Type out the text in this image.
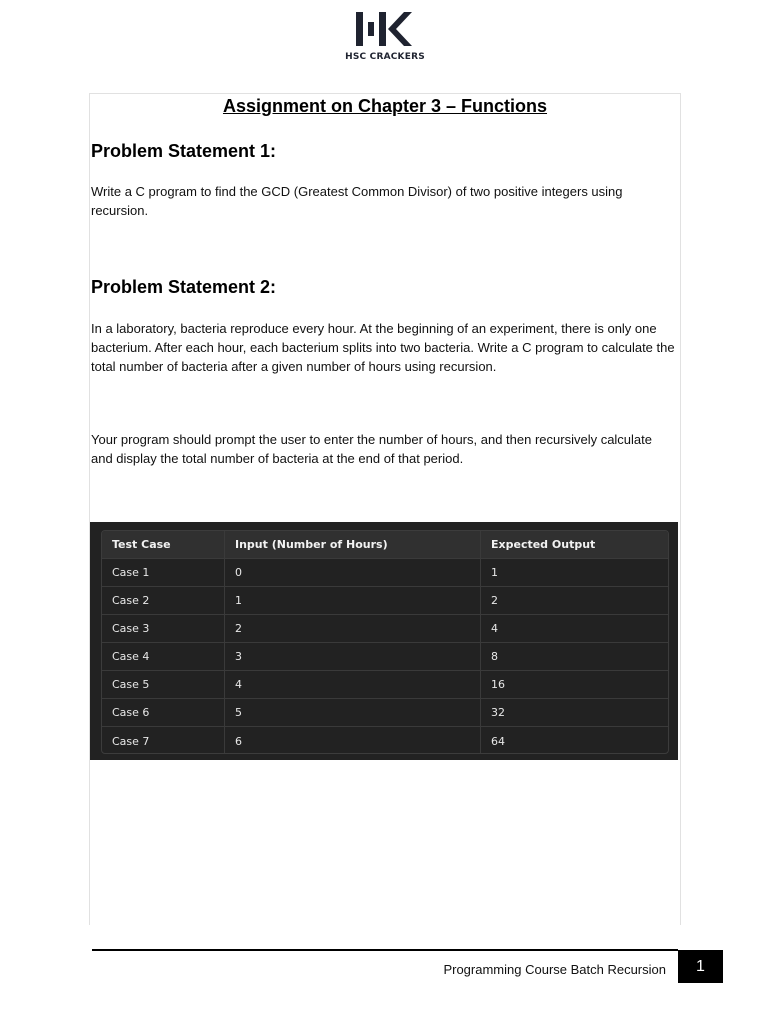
HSC CRACKERS
Assignment on Chapter 3 – Functions
Problem Statement 1:
Write a C program to find the GCD (Greatest Common Divisor) of two positive integers using recursion.
Problem Statement 2:
In a laboratory, bacteria reproduce every hour. At the beginning of an experiment, there is only one bacterium. After each hour, each bacterium splits into two bacteria. Write a C program to calculate the total number of bacteria after a given number of hours using recursion.
Your program should prompt the user to enter the number of hours, and then recursively calculate and display the total number of bacteria at the end of that period.
Test Case	Input (Number of Hours)	Expected Output
Case 1	0	1
Case 2	1	2
Case 3	2	4
Case 4	3	8
Case 5	4	16
Case 6	5	32
Case 7	6	64
Programming Course Batch Recursion	1
